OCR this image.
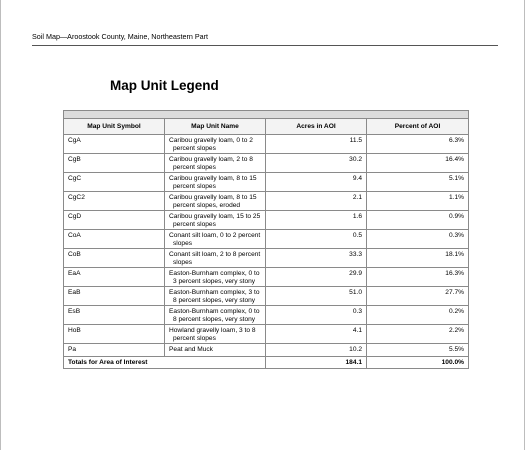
Soil Map—Aroostook County, Maine, Northeastern Part
Map Unit Legend

Map Unit Symbol	Map Unit Name	Acres in AOI	Percent of AOI
CgA	Caribou gravelly loam, 0 to 2 percent slopes	11.5	6.3%
CgB	Caribou gravelly loam, 2 to 8 percent slopes	30.2	16.4%
CgC	Caribou gravelly loam, 8 to 15 percent slopes	9.4	5.1%
CgC2	Caribou gravelly loam, 8 to 15 percent slopes, eroded	2.1	1.1%
CgD	Caribou gravelly loam, 15 to 25 percent slopes	1.6	0.9%
CoA	Conant silt loam, 0 to 2 percent slopes	0.5	0.3%
CoB	Conant silt loam, 2 to 8 percent slopes	33.3	18.1%
EaA	Easton-Burnham complex, 0 to 3 percent slopes, very stony	29.9	16.3%
EaB	Easton-Burnham complex, 3 to 8 percent slopes, very stony	51.0	27.7%
EsB	Easton-Burnham complex, 0 to 8 percent slopes, very stony	0.3	0.2%
HoB	Howland gravelly loam, 3 to 8 percent slopes	4.1	2.2%
Pa	Peat and Muck	10.2	5.5%
Totals for Area of Interest		184.1	100.0%
